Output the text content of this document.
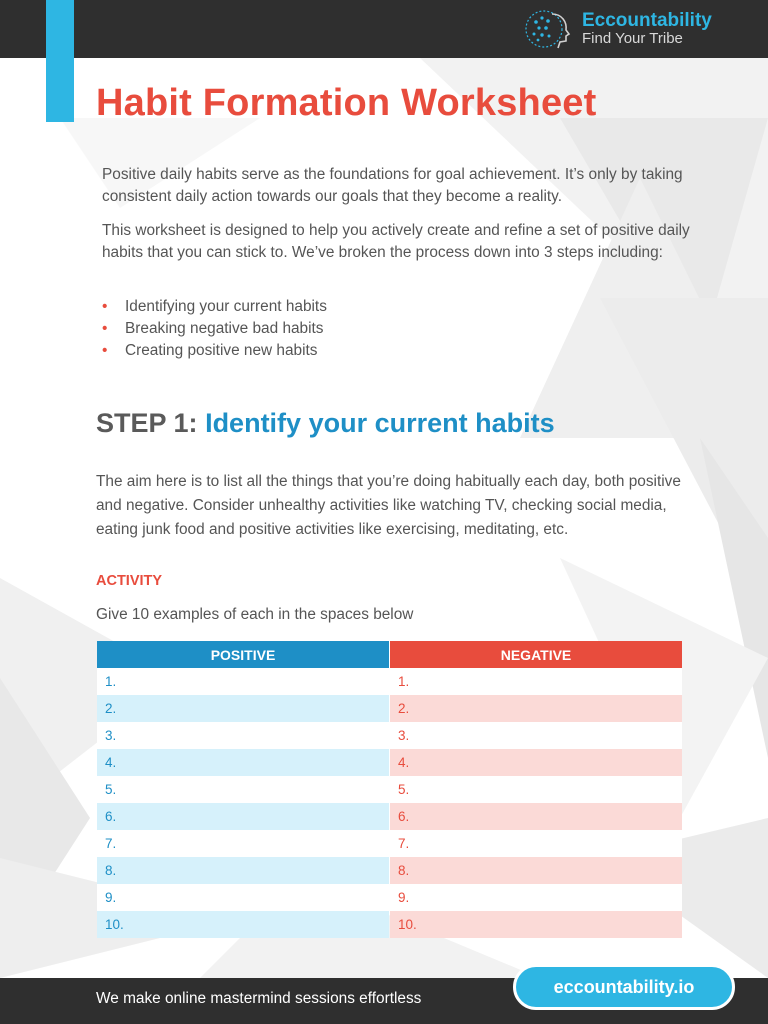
Eccountability
Find Your Tribe
Habit Formation Worksheet

Positive daily habits serve as the foundations for goal achievement. It’s only by taking consistent daily action towards our goals that they become a reality.

This worksheet is designed to help you actively create and refine a set of positive daily habits that you can stick to. We’ve broken the process down into 3 steps including:

•	Identifying your current habits
•	Breaking negative bad habits
•	Creating positive new habits
STEP 1: Identify your current habits

The aim here is to list all the things that you’re doing habitually each day, both positive and negative. Consider unhealthy activities like watching TV, checking social media, eating junk food and positive activities like exercising, meditating, etc.

ACTIVITY
Give 10 examples of each in the spaces below
POSITIVE	NEGATIVE
1.	1.
2.	2.
3.	3.
4.	4.
5.	5.
6.	6.
7.	7.
8.	8.
9.	9.
10.	10.
We make online mastermind sessions effortless
eccountability.io
